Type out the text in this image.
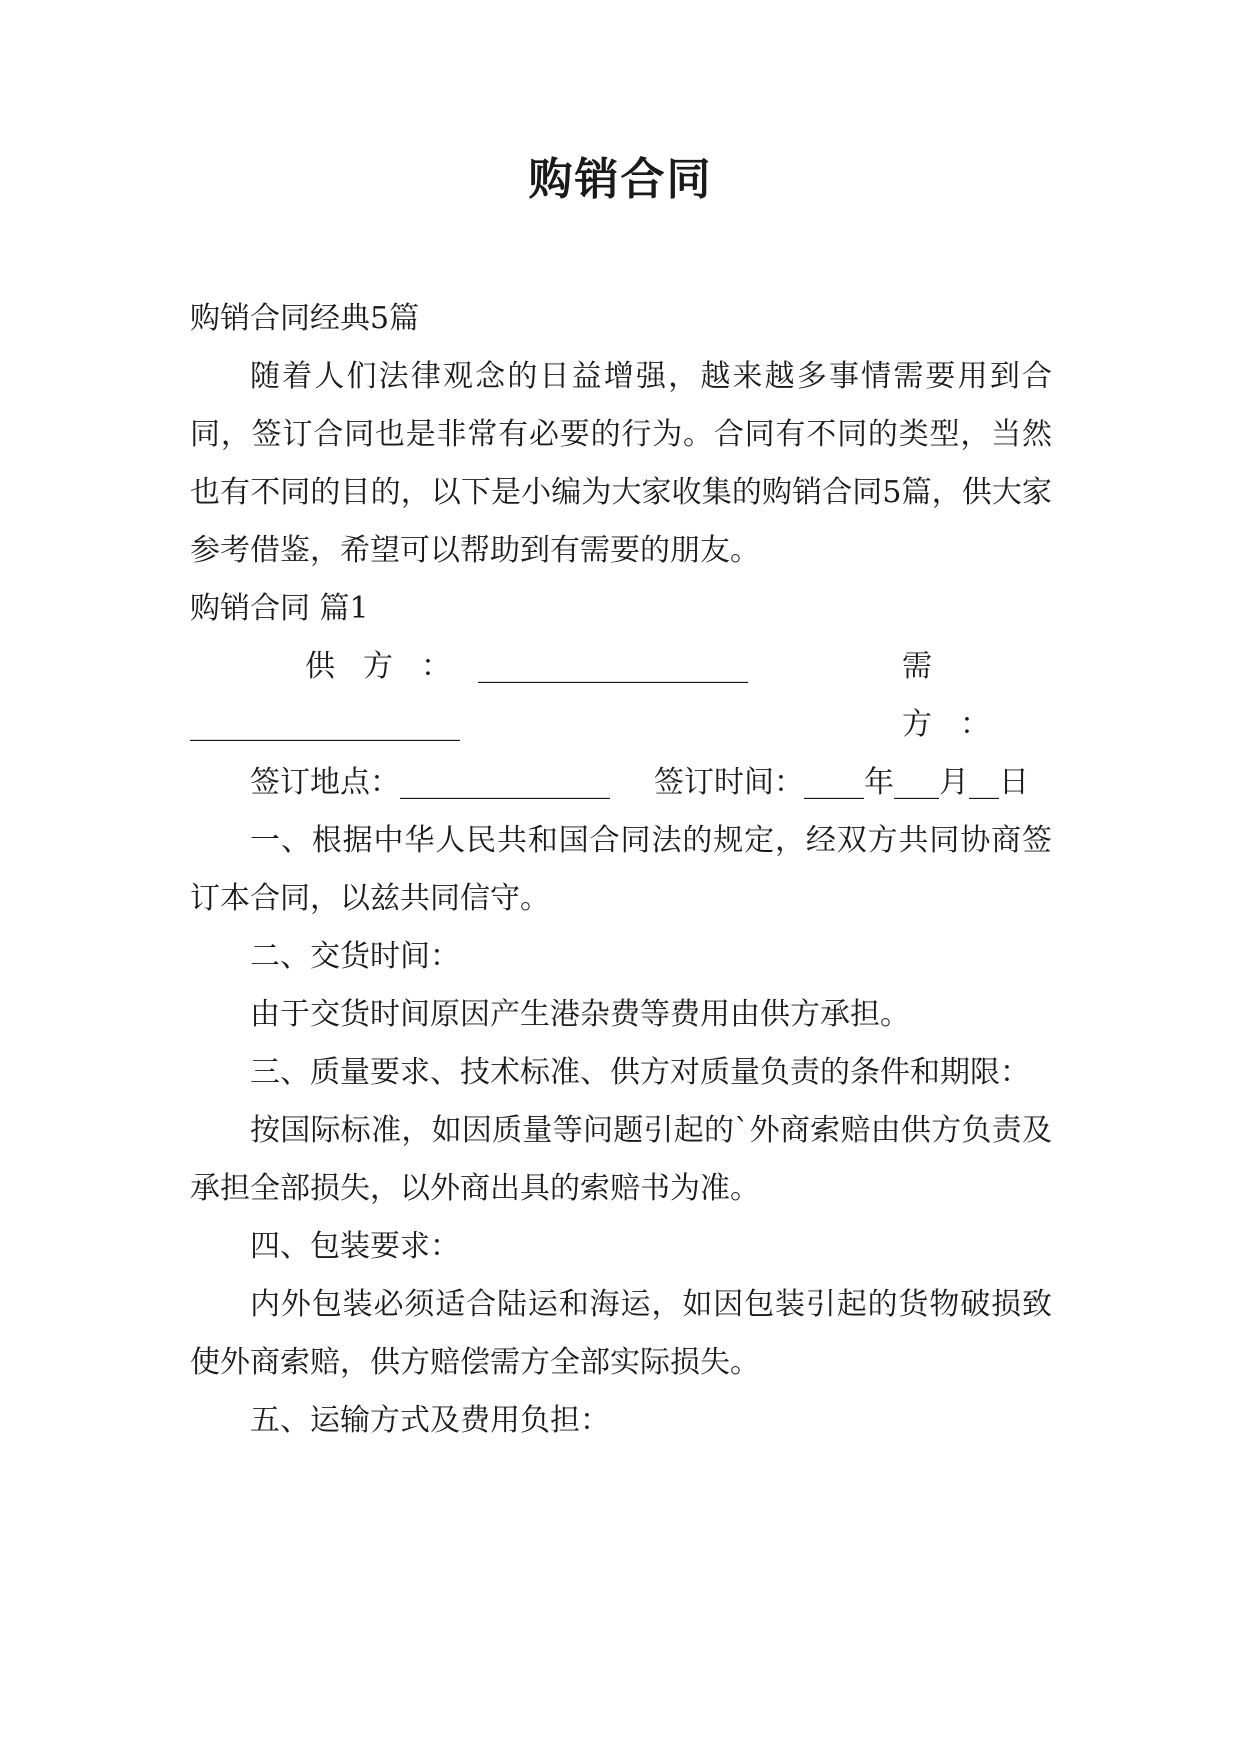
购销合同

购销合同经典5篇

随着人们法律观念的日益增强，越来越多事情需要用到合同，签订合同也是非常有必要的行为。合同有不同的类型，当然也有不同的目的，以下是小编为大家收集的购销合同5篇，供大家参考借鉴，希望可以帮助到有需要的朋友。

购销合同 篇1

供方： __________________	需方：
__________________

签订地点：______________ 签订时间：____年___月__日

一、根据中华人民共和国合同法的规定，经双方共同协商签订本合同，以兹共同信守。

二、交货时间：

由于交货时间原因产生港杂费等费用由供方承担。

三、质量要求、技术标准、供方对质量负责的条件和期限：

按国际标准，如因质量等问题引起的`外商索赔由供方负责及承担全部损失，以外商出具的索赔书为准。

四、包装要求：

内外包装必须适合陆运和海运，如因包装引起的货物破损致使外商索赔，供方赔偿需方全部实际损失。

五、运输方式及费用负担：
